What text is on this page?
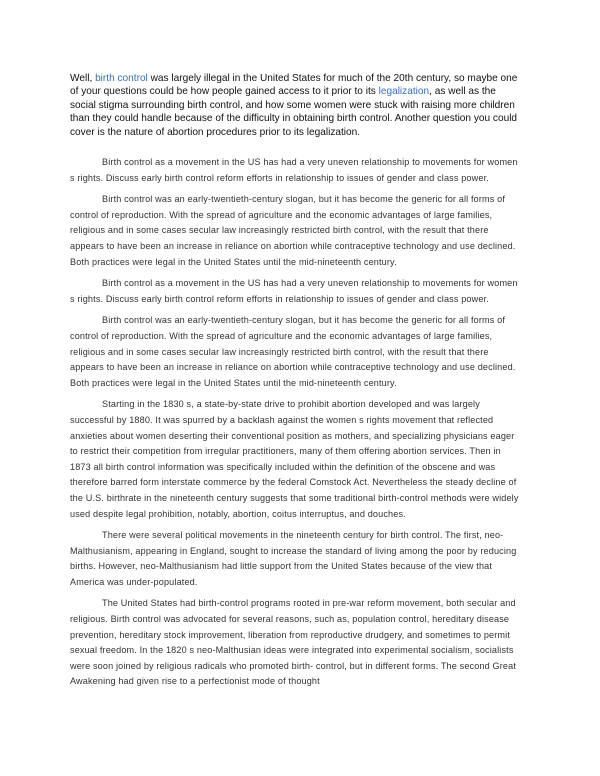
Well, birth control was largely illegal in the United States for much of the 20th century, so maybe one of your questions could be how people gained access to it prior to its legalization, as well as the social stigma surrounding birth control, and how some women were stuck with raising more children than they could handle because of the difficulty in obtaining birth control. Another question you could cover is the nature of abortion procedures prior to its legalization.

Birth control as a movement in the US has had a very uneven relationship to movements for women s rights. Discuss early birth control reform efforts in relationship to issues of gender and class power.

Birth control was an early-twentieth-century slogan, but it has become the generic for all forms of control of reproduction. With the spread of agriculture and the economic advantages of large families, religious and in some cases secular law increasingly restricted birth control, with the result that there appears to have been an increase in reliance on abortion while contraceptive technology and use declined. Both practices were legal in the United States until the mid-nineteenth century.

Birth control as a movement in the US has had a very uneven relationship to movements for women s rights. Discuss early birth control reform efforts in relationship to issues of gender and class power.

Birth control was an early-twentieth-century slogan, but it has become the generic for all forms of control of reproduction. With the spread of agriculture and the economic advantages of large families, religious and in some cases secular law increasingly restricted birth control, with the result that there appears to have been an increase in reliance on abortion while contraceptive technology and use declined. Both practices were legal in the United States until the mid-nineteenth century.

Starting in the 1830 s, a state-by-state drive to prohibit abortion developed and was largely successful by 1880. It was spurred by a backlash against the women s rights movement that reflected anxieties about women deserting their conventional position as mothers, and specializing physicians eager to restrict their competition from irregular practitioners, many of them offering abortion services. Then in 1873 all birth control information was specifically included within the definition of the obscene and was therefore barred form interstate commerce by the federal Comstock Act. Nevertheless the steady decline of the U.S. birthrate in the nineteenth century suggests that some traditional birth-control methods were widely used despite legal prohibition, notably, abortion, coitus interruptus, and douches.

There were several political movements in the nineteenth century for birth control. The first, neo-Malthusianism, appearing in England, sought to increase the standard of living among the poor by reducing births. However, neo-Malthusianism had little support from the United States because of the view that America was under-populated.

The United States had birth-control programs rooted in pre-war reform movement, both secular and religious. Birth control was advocated for several reasons, such as, population control, hereditary disease prevention, hereditary stock improvement, liberation from reproductive drudgery, and sometimes to permit sexual freedom. In the 1820 s neo-Malthusian ideas were integrated into experimental socialism, socialists were soon joined by religious radicals who promoted birth- control, but in different forms. The second Great Awakening had given rise to a perfectionist mode of thought
